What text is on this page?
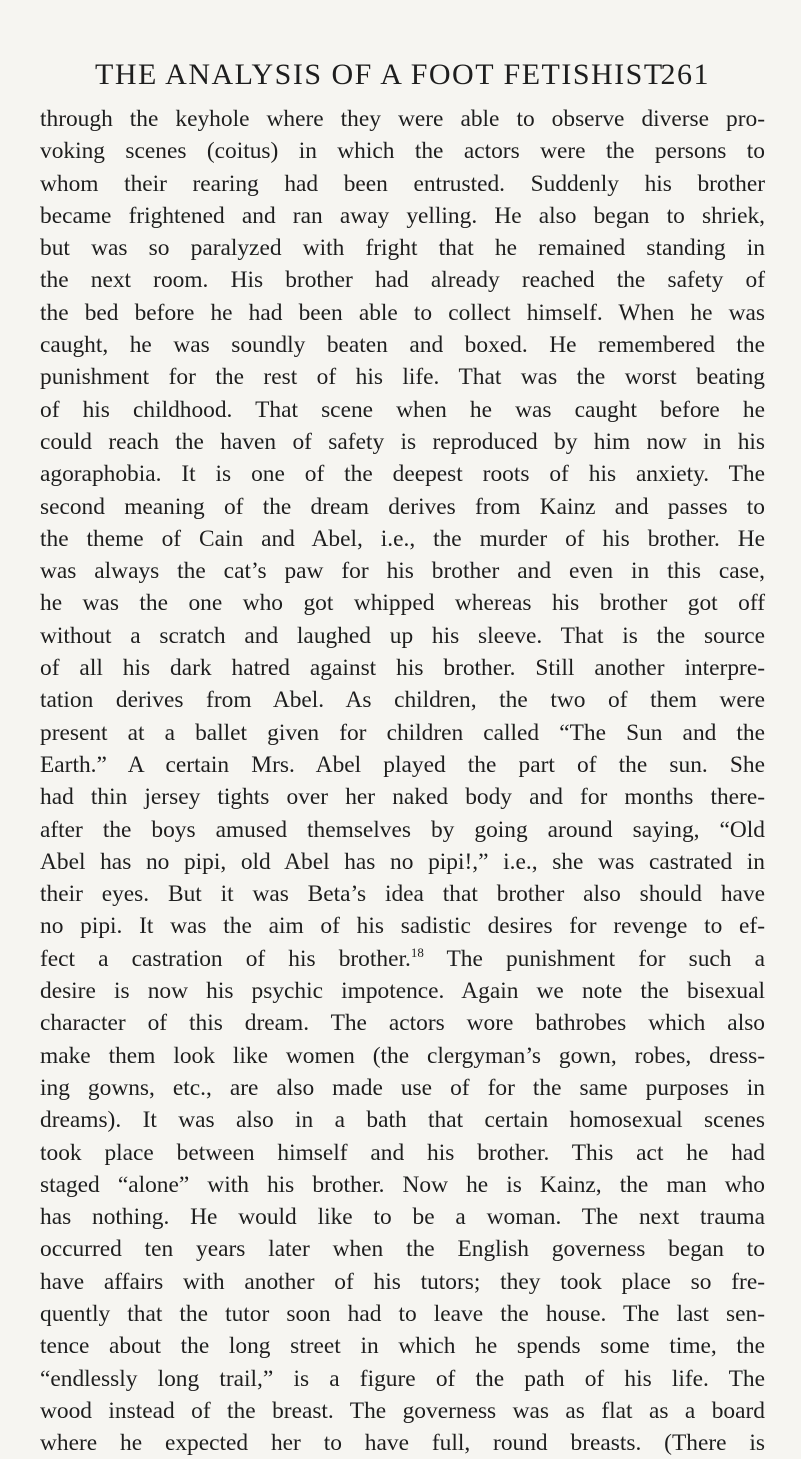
THE ANALYSIS OF A FOOT FETISHIST
261
through the keyhole where they were able to observe diverse pro-
voking scenes (coitus) in which the actors were the persons to
whom their rearing had been entrusted. Suddenly his brother
became frightened and ran away yelling. He also began to shriek,
but was so paralyzed with fright that he remained standing in
the next room. His brother had already reached the safety of
the bed before he had been able to collect himself. When he was
caught, he was soundly beaten and boxed. He remembered the
punishment for the rest of his life. That was the worst beating
of his childhood. That scene when he was caught before he
could reach the haven of safety is reproduced by him now in his
agoraphobia. It is one of the deepest roots of his anxiety. The
second meaning of the dream derives from Kainz and passes to
the theme of Cain and Abel, i.e., the murder of his brother. He
was always the cat’s paw for his brother and even in this case,
he was the one who got whipped whereas his brother got off
without a scratch and laughed up his sleeve. That is the source
of all his dark hatred against his brother. Still another interpre-
tation derives from Abel. As children, the two of them were
present at a ballet given for children called “The Sun and the
Earth.” A certain Mrs. Abel played the part of the sun. She
had thin jersey tights over her naked body and for months there-
after the boys amused themselves by going around saying, “Old
Abel has no pipi, old Abel has no pipi!,” i.e., she was castrated in
their eyes. But it was Beta’s idea that brother also should have
no pipi. It was the aim of his sadistic desires for revenge to ef-
fect a castration of his brother.$^{18}$ The punishment for such a
desire is now his psychic impotence. Again we note the bisexual
character of this dream. The actors wore bathrobes which also
make them look like women (the clergyman’s gown, robes, dress-
ing gowns, etc., are also made use of for the same purposes in
dreams). It was also in a bath that certain homosexual scenes
took place between himself and his brother. This act he had
staged “alone” with his brother. Now he is Kainz, the man who
has nothing. He would like to be a woman. The next trauma
occurred ten years later when the English governess began to
have affairs with another of his tutors; they took place so fre-
quently that the tutor soon had to leave the house. The last sen-
tence about the long street in which he spends some time, the
“endlessly long trail,” is a figure of the path of his life. The
wood instead of the breast. The governess was as flat as a board
where he expected her to have full, round breasts. (There is
